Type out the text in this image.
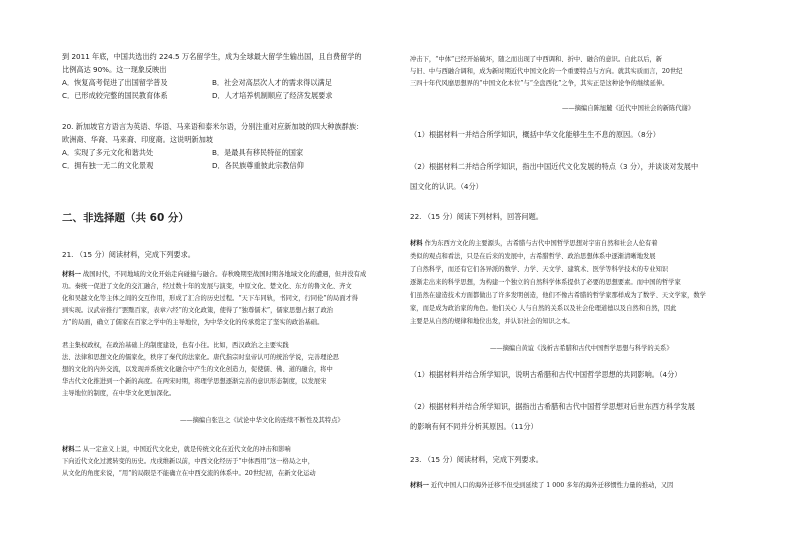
到 2011 年底，中国共选出约 224.5 万名留学生，成为全球最大留学生输出国，且自费留学的
比例高达 90%。这一现象反映出
A．恢复高考促进了出国留学普及	B．社会对高层次人才的需求得以满足
C．已形成较完整的国民教育体系	D．人才培养机制顺应了经济发展要求
20. 新加坡官方语言为英语、华语、马来语和泰米尔语，分别注重对应新加坡的四大种族群族：
欧洲裔、华裔、马来裔、印度裔。这说明新加坡
A．实现了多元文化和谐共处	B．是最具有移民特征的国家
C．拥有独一无二的文化景观	D．各民族尊重彼此宗教信仰
二、非选择题（共 60 分）
21. （15 分）阅读材料，完成下列要求。
材料一 战国时代，不同地域的文化开始走向碰撞与融合。春秋晚期至战国时期各地域文化的遭遇，但并没有成
功。秦统一促进了文化的交汇融合，经过数十年的发展与演变，中原文化、楚文化、东方的鲁文化、齐文
化和吴越文化等主体之间的交互作用，形成了汇合的历史过程。“天下车同轨，书同文，行同伦”的局面才得
到实现。汉武帝推行“罢黜百家，表章六经”的文化政策，使得了“独尊儒术”，儒家思想占据了政治
方”的局面，确立了儒家在百家之学中的主导地位，为中华文化的传承奠定了坚实的政治基础。
君主集权政权，在政治基础上的制度建设，也有小往。比如，西汉政治之主要实践
法、法律和思想文化的儒家化，秩序了秦代的法家化。唐代指宗时皇帝认可的统治学说，完善理论思
想的文化的内外交流，以发现并系统文化融合中产生的文化创造力，促使儒、佛、道的融合，将中
华古代文化推进到一个新的高度。在两宋时期，将理学思想逐渐完善的意识形态制度，以发展宋
主导地位的制度，在中华文化更加深化。
——摘编自张岂之《试论中华文化的连续不断性及其特点》
材料二 从一定意义上说，中国近代文化史，就是传统文化在近代文化的冲击和影响
下向近代文化过渡转变的历史。戊戌维新以前，中西文化经历于“中体西用”这一格局之中，
从文化的角度来说，“用”的局限是不能确立在中西交流的体系中。20世纪初，在新文化运动
冲击下，“中体”已经开始破坏，随之而出现了中西调和、折中、融合的意识。自此以后，新
与旧、中与西融合调和，成为新时期近代中国文化的一个重要特点与方向。就其实质而言，20世纪
三四十年代风靡思想界的“中国文化本位”与“全盘西化”之争，其实正是这种论争的继续延伸。
——摘编自陈旭麓《近代中国社会的新陈代谢》
（1）根据材料一并结合所学知识，概括中华文化能够生生不息的原因。（8分）
（2）根据材料二并结合所学知识，指出中国近代文化发展的特点（3 分），并谈谈对发展中
国文化的认识。（4分）
22. （15 分）阅读下列材料，回答问题。
材料 作为东西方文化的主要源头，古希腊与古代中国哲学思想对宇宙自然和社会人伦有着
类似的观点和看法，只是在后来的发展中，古希腊哲学、政治思想体系中逐渐清晰地发展
了自然科学，而还有它们各异派的数学、力学、天文学、建筑术、医学等科学技术的专业知识
逐渐走出来的科学思想，为构建一个独立的自然科学体系提供了必要的思想要素。而中国的哲学家
们虽然在建造技术方面都做出了许多发明创造，他们不像古希腊的哲学家那样成为了数学、天文学家，数学
家，而是成为政治家的角色。他们关心 人与自然的关系以及社会伦理道德以及自然和自然，因此
主要是从自然的规律和地位出发，并认识社会的知识之本。
——摘编自黄谊《浅析古希腊和古代中国哲学思想与科学的关系》
（1）根据材料并结合所学知识，说明古希腊和古代中国哲学思想的共同影响。（4分）
（2）根据材料并结合所学知识，据指出古希腊和古代中国哲学思想对后世东西方科学发展
的影响有何不同并分析其原因。（11分）
23. （15 分）阅读材料，完成下列要求。
材料一 近代中国人口的海外迁移不但受到延续了 1 000 多年的海外迁移惯性力量的推动，又因
